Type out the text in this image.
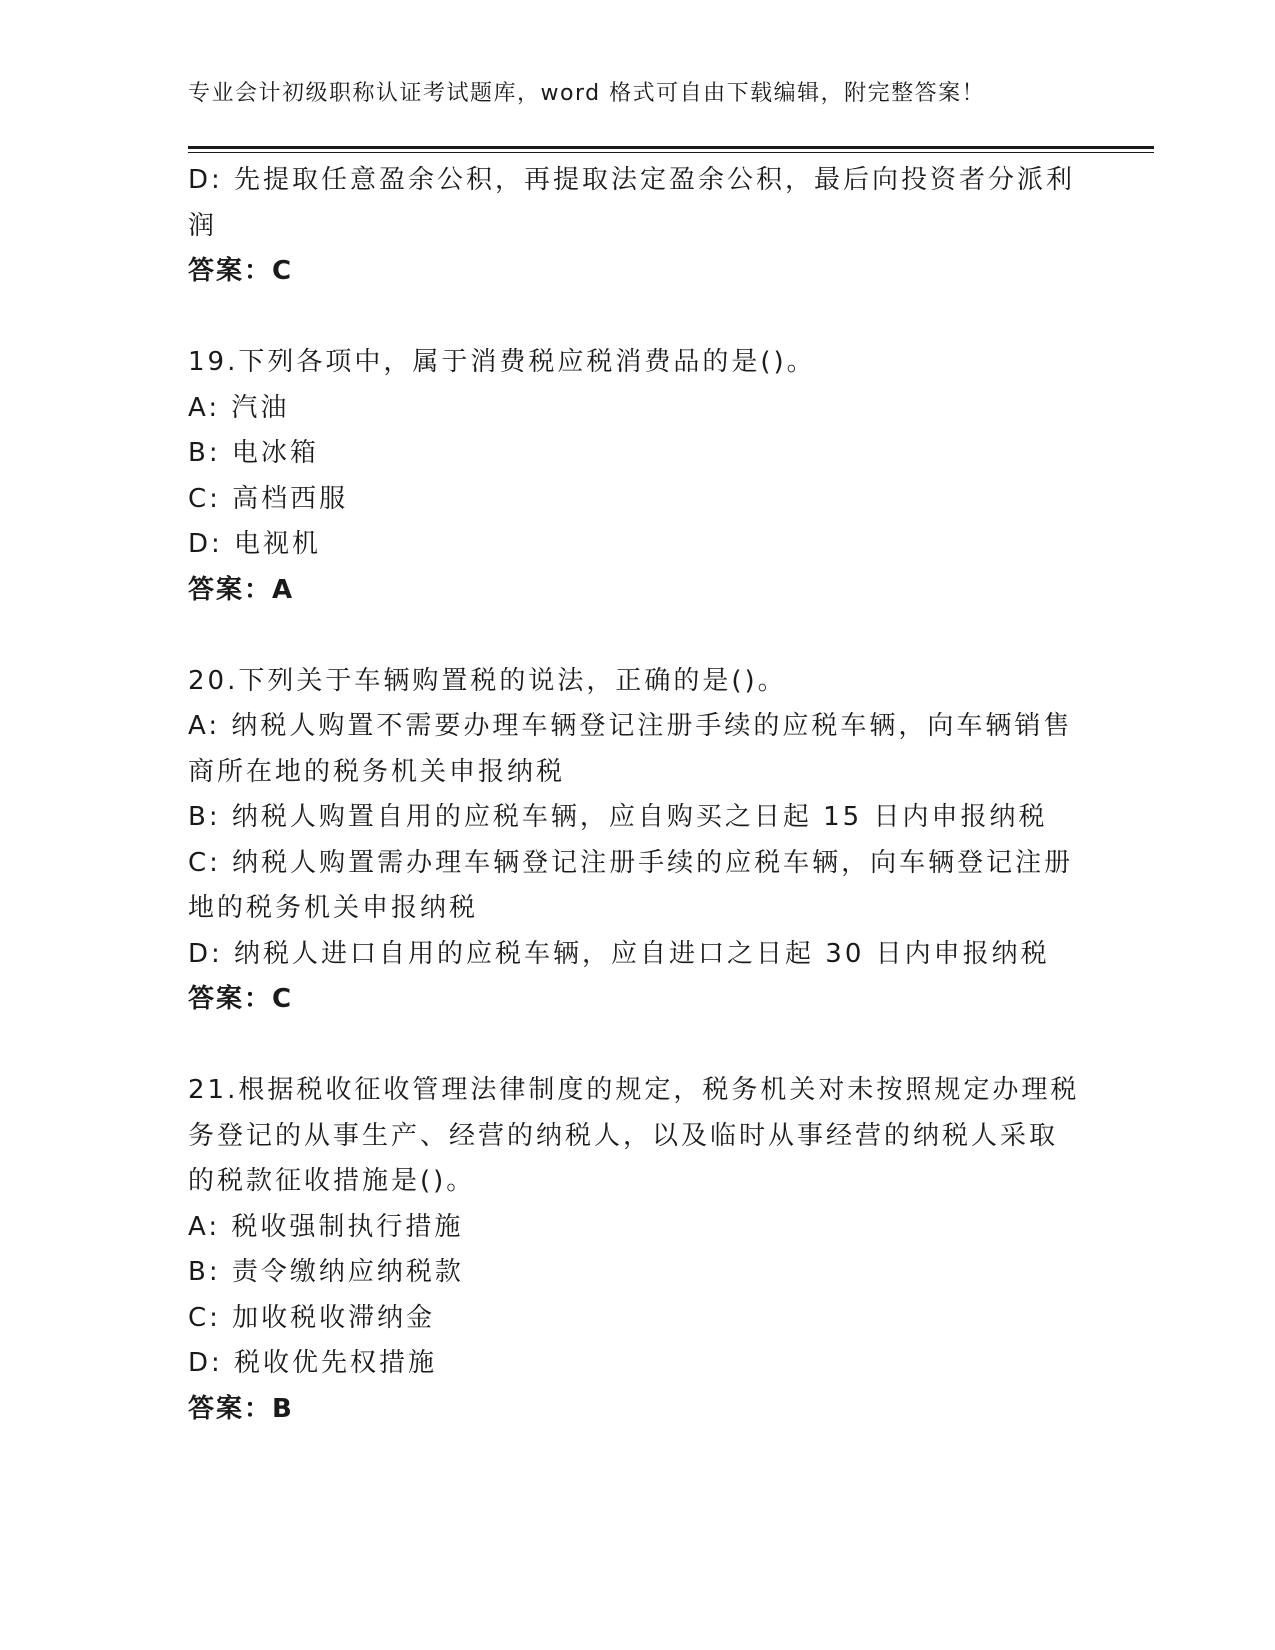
专业会计初级职称认证考试题库，word 格式可自由下载编辑，附完整答案！
D: 先提取任意盈余公积，再提取法定盈余公积，最后向投资者分派利
润
答案：C
19.下列各项中，属于消费税应税消费品的是()。
A: 汽油
B: 电冰箱
C: 高档西服
D: 电视机
答案：A
20.下列关于车辆购置税的说法，正确的是()。
A: 纳税人购置不需要办理车辆登记注册手续的应税车辆，向车辆销售
商所在地的税务机关申报纳税
B: 纳税人购置自用的应税车辆，应自购买之日起 15 日内申报纳税
C: 纳税人购置需办理车辆登记注册手续的应税车辆，向车辆登记注册
地的税务机关申报纳税
D: 纳税人进口自用的应税车辆，应自进口之日起 30 日内申报纳税
答案：C
21.根据税收征收管理法律制度的规定，税务机关对未按照规定办理税
务登记的从事生产、经营的纳税人，以及临时从事经营的纳税人采取
的税款征收措施是()。
A: 税收强制执行措施
B: 责令缴纳应纳税款
C: 加收税收滞纳金
D: 税收优先权措施
答案：B
